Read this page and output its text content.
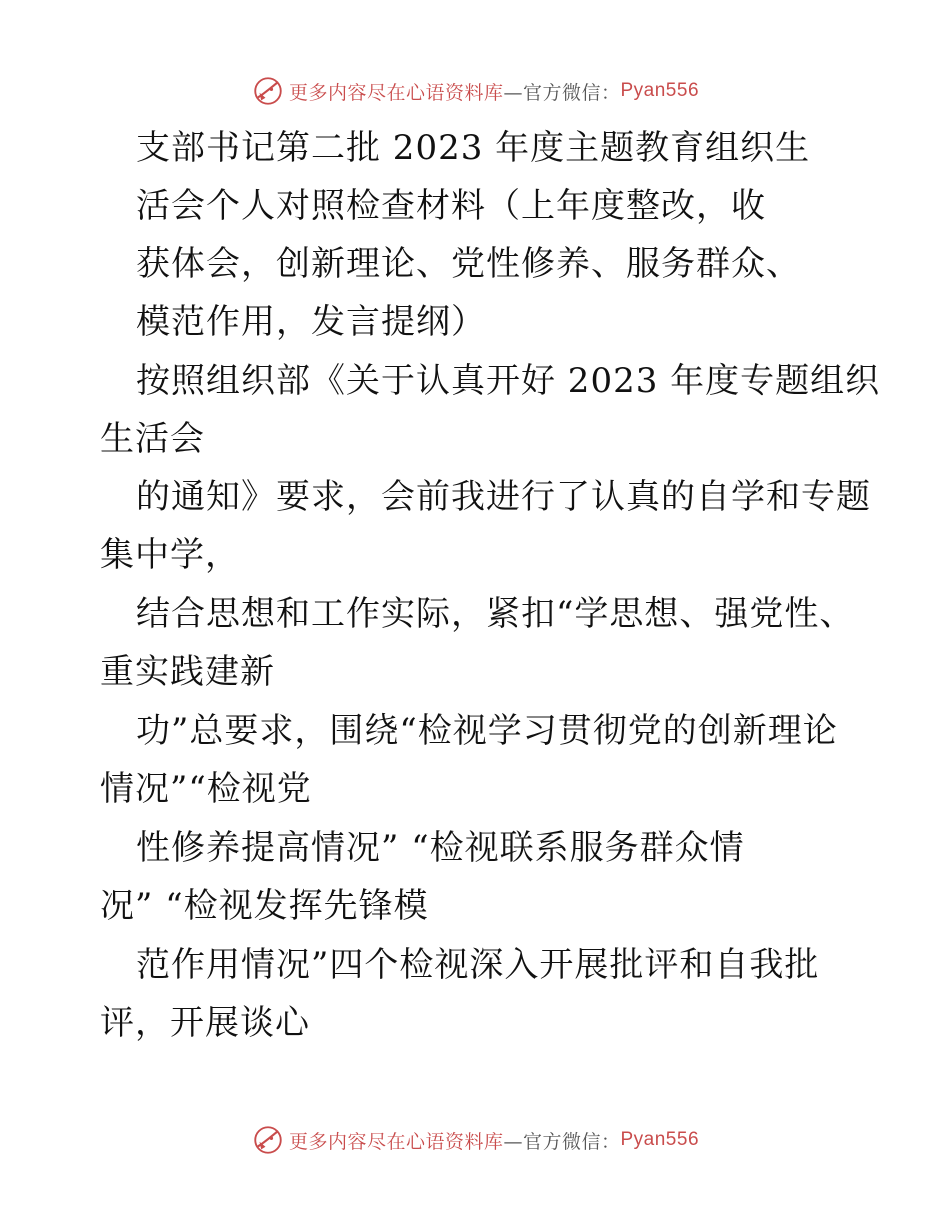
更多内容尽在心语资料库 —官方微信： Pyan556
支部书记第二批 2023 年度主题教育组织生
活会个人对照检查材料（上年度整改，收
获体会，创新理论、党性修养、服务群众、
模范作用，发言提纲）
按照组织部《关于认真开好 2023 年度专题组织
生活会
的通知》要求，会前我进行了认真的自学和专题
集中学，
结合思想和工作实际，紧扣“学思想、强党性、
重实践建新
功”总要求，围绕“检视学习贯彻党的创新理论
情况”“检视党
性修养提高情况” “检视联系服务群众情
况” “检视发挥先锋模
范作用情况”四个检视深入开展批评和自我批
评，开展谈心
更多内容尽在心语资料库 —官方微信： Pyan556
